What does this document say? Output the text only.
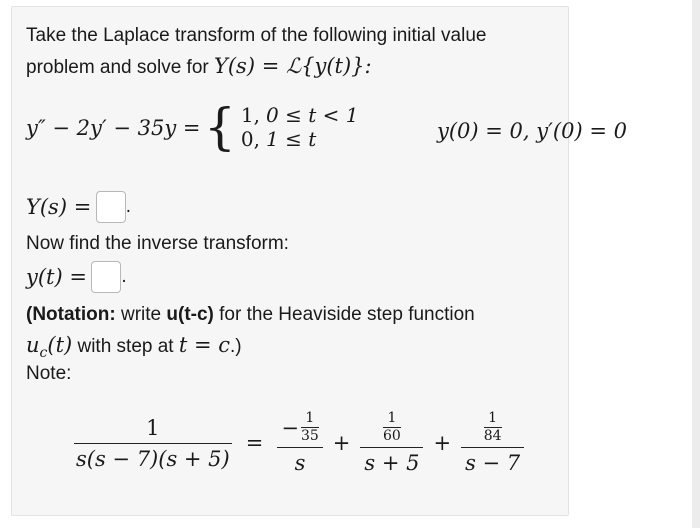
Take the Laplace transform of the following initial value
problem and solve for Y(s) = ℒ{y(t)}:
y″ − 2y′ − 35y = { 1,	0 ≤ t < 1
0,	1 ≤ t	y(0) = 0, y′(0) = 0
Y(s) = .
Now find the inverse transform:
y(t) = .
(Notation: write u(t-c) for the Heaviside step function
$u_c(t)$ with step at t = c.)
Note:
$\frac{1}{s(s - 7)(s + 5)} = \frac{- \frac{1}{35}}{s} + \frac{\frac{1}{60}}{s + 5} + \frac{\frac{1}{84}}{s - 7}$
